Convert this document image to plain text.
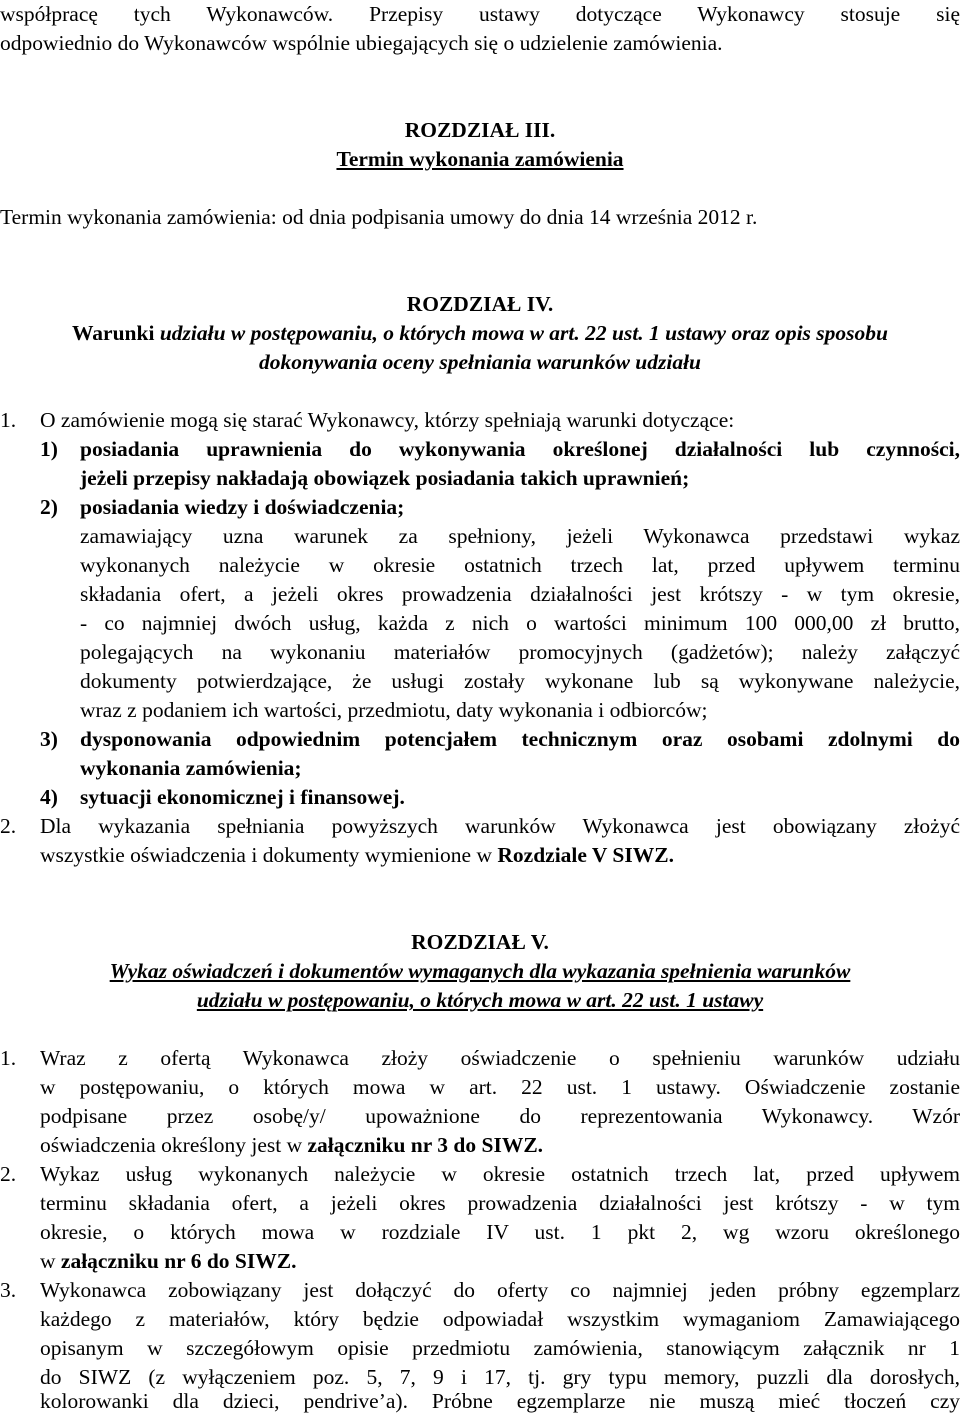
współpracę tych Wykonawców. Przepisy ustawy dotyczące Wykonawcy stosuje się
odpowiednio do Wykonawców wspólnie ubiegających się o udzielenie zamówienia.
ROZDZIAŁ III.
Termin wykonania zamówienia
Termin wykonania zamówienia: od dnia podpisania umowy do dnia 14 września 2012 r.
ROZDZIAŁ IV.
Warunki udziału w postępowaniu, o których mowa w art. 22 ust. 1 ustawy oraz opis sposobu
dokonywania oceny spełniania warunków udziału
1. O zamówienie mogą się starać Wykonawcy, którzy spełniają warunki dotyczące:
1) posiadania uprawnienia do wykonywania określonej działalności lub czynności,
jeżeli przepisy nakładają obowiązek posiadania takich uprawnień;
2) posiadania wiedzy i doświadczenia;
zamawiający uzna warunek za spełniony, jeżeli Wykonawca przedstawi wykaz
wykonanych należycie w okresie ostatnich trzech lat, przed upływem terminu
składania ofert, a jeżeli okres prowadzenia działalności jest krótszy - w tym okresie,
- co najmniej dwóch usług, każda z nich o wartości minimum 100 000,00 zł brutto,
polegających na wykonaniu materiałów promocyjnych (gadżetów); należy załączyć
dokumenty potwierdzające, że usługi zostały wykonane lub są wykonywane należycie,
wraz z podaniem ich wartości, przedmiotu, daty wykonania i odbiorców;
3) dysponowania odpowiednim potencjałem technicznym oraz osobami zdolnymi do
wykonania zamówienia;
4) sytuacji ekonomicznej i finansowej.
2. Dla wykazania spełniania powyższych warunków Wykonawca jest obowiązany złożyć
wszystkie oświadczenia i dokumenty wymienione w Rozdziale V SIWZ.
ROZDZIAŁ V.
Wykaz oświadczeń i dokumentów wymaganych dla wykazania spełnienia warunków
udziału w postępowaniu, o których mowa w art. 22 ust. 1 ustawy
1. Wraz z ofertą Wykonawca złoży oświadczenie o spełnieniu warunków udziału
w postępowaniu, o których mowa w art. 22 ust. 1 ustawy. Oświadczenie zostanie
podpisane przez osobę/y/ upoważnione do reprezentowania Wykonawcy. Wzór
oświadczenia określony jest w załączniku nr 3 do SIWZ.
2. Wykaz usług wykonanych należycie w okresie ostatnich trzech lat, przed upływem
terminu składania ofert, a jeżeli okres prowadzenia działalności jest krótszy - w tym
okresie, o których mowa w rozdziale IV ust. 1 pkt 2, wg wzoru określonego
w załączniku nr 6 do SIWZ.
3. Wykonawca zobowiązany jest dołączyć do oferty co najmniej jeden próbny egzemplarz
każdego z materiałów, który będzie odpowiadał wszystkim wymaganiom Zamawiającego
opisanym w szczegółowym opisie przedmiotu zamówienia, stanowiącym załącznik nr 1
do SIWZ (z wyłączeniem poz. 5, 7, 9 i 17, tj. gry typu memory, puzzli dla dorosłych,
kolorowanki dla dzieci, pendrive’a). Próbne egzemplarze nie muszą mieć tłoczeń czy
